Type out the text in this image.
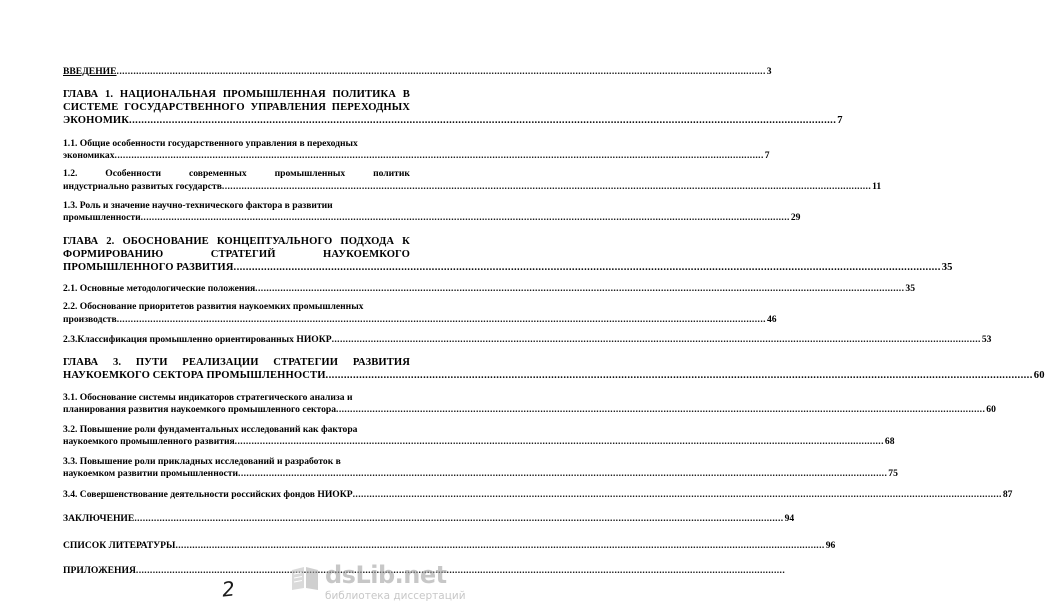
ВВЕДЕНИЕ .....	3
ГЛАВА 1. НАЦИОНАЛЬНАЯ ПРОМЫШЛЕННАЯ ПОЛИТИКА В
СИСТЕМЕ ГОСУДАРСТВЕННОГО УПРАВЛЕНИЯ ПЕРЕХОДНЫХ
ЭКОНОМИК .....	7
1.1. Общие особенности государственного управления в переходных
экономиках .....	7
1.2.	Особенности	современных	промышленных	политик
индустриально развитых государств .....	11
1.3. Роль и значение научно-технического фактора в развитии
промышленности .....	29
ГЛАВА 2. ОБОСНОВАНИЕ КОНЦЕПТУАЛЬНОГО ПОДХОДА К
ФОРМИРОВАНИЮ	СТРАТЕГИЙ	НАУКОЕМКОГО
ПРОМЫШЛЕННОГО РАЗВИТИЯ .....	35
2.1. Основные методологические положения .....	35
2.2. Обоснование приоритетов развития наукоемких промышленных
производств .....	46
2.3.Классификация промышленно ориентированных НИОКР .....	53
ГЛАВА 3. ПУТИ РЕАЛИЗАЦИИ СТРАТЕГИИ РАЗВИТИЯ
НАУКОЕМКОГО СЕКТОРА ПРОМЫШЛЕННОСТИ .....	60
3.1. Обоснование системы индикаторов стратегического анализа и
планирования развития наукоемкого промышленного сектора .....	60
3.2. Повышение роли фундаментальных исследований как фактора
наукоемкого промышленного развития .....	68
3.3. Повышение роли прикладных исследований и разработок в
наукоемком развитии промышленности .....	75
3.4. Совершенствование деятельности российских фондов НИОКР .....	87
ЗАКЛЮЧЕНИЕ .....	94
СПИСОК ЛИТЕРАТУРЫ .....	96
ПРИЛОЖЕНИЯ
.....
2	dsLib.net
библиотека диссертаций
